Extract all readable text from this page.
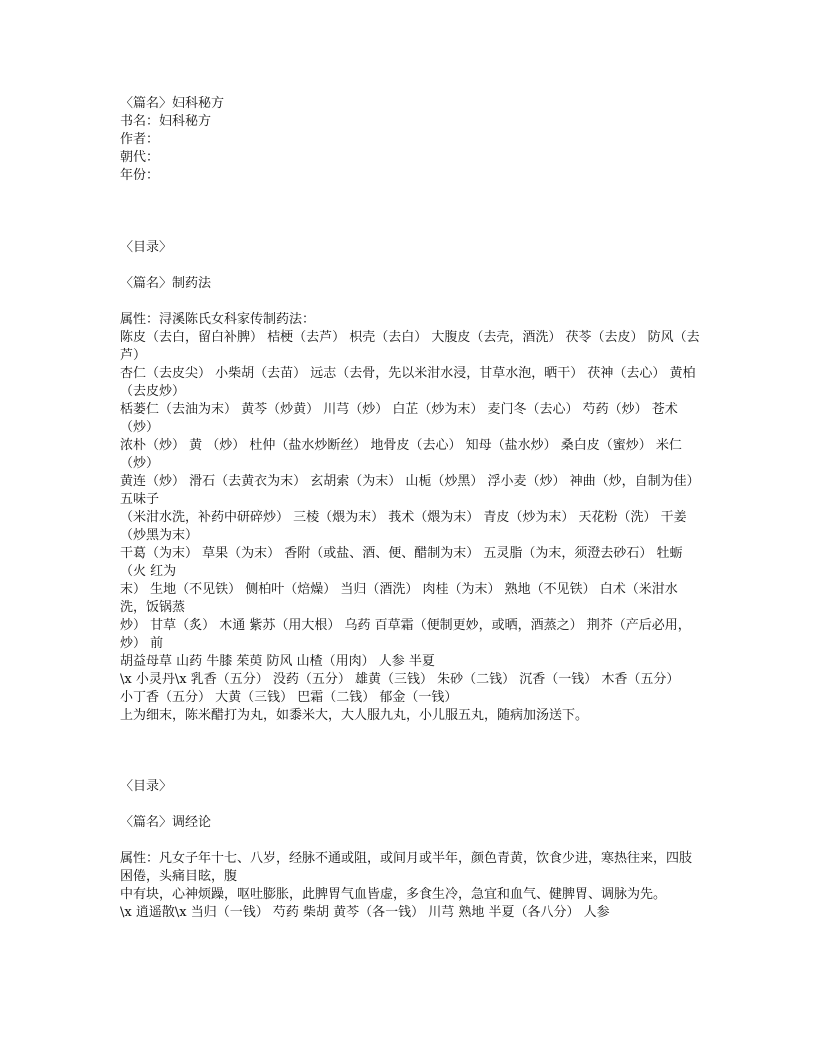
〈篇名〉妇科秘方
书名：妇科秘方
作者：
朝代：
年份：
〈目录〉
〈篇名〉制药法
属性：浔溪陈氏女科家传制药法：
陈皮（去白，留白补脾） 桔梗（去芦） 枳壳（去白） 大腹皮（去壳，酒洗） 茯苓（去皮） 防风（去芦）
杏仁（去皮尖） 小柴胡（去苗） 远志（去骨，先以米泔水浸，甘草水泡，晒干） 茯神（去心） 黄柏（去皮炒）
栝蒌仁（去油为末） 黄芩（炒黄） 川芎（炒） 白芷（炒为末） 麦门冬（去心） 芍药（炒） 苍术（炒）
浓朴（炒） 黄 （炒） 杜仲（盐水炒断丝） 地骨皮（去心） 知母（盐水炒） 桑白皮（蜜炒） 米仁（炒）
黄连（炒） 滑石（去黄衣为末） 玄胡索（为末） 山栀（炒黑） 浮小麦（炒） 神曲（炒，自制为佳） 五味子
（米泔水洗，补药中研碎炒） 三棱（煨为末） 莪术（煨为末） 青皮（炒为末） 天花粉（洗） 干姜（炒黑为末）
干葛（为末） 草果（为末） 香附（或盐、酒、便、醋制为末） 五灵脂（为末，须澄去砂石） 牡蛎（火 红为
末） 生地（不见铁） 侧柏叶（焙燥） 当归（酒洗） 肉桂（为末） 熟地（不见铁） 白术（米泔水洗，饭锅蒸
炒） 甘草（炙） 木通 紫苏（用大根） 乌药 百草霜（便制更妙，或晒，酒蒸之） 荆芥（产后必用，炒） 前
胡益母草 山药 牛膝 茱萸 防风 山楂（用肉） 人参 半夏
\x 小灵丹\x 乳香（五分） 没药（五分） 雄黄（三钱） 朱砂（二钱） 沉香（一钱） 木香（五分）
小丁香（五分） 大黄（三钱） 巴霜（二钱） 郁金（一钱）
上为细末，陈米醋打为丸，如黍米大，大人服九丸，小儿服五丸，随病加汤送下。
〈目录〉
〈篇名〉调经论
属性：凡女子年十七、八岁，经脉不通或阻，或间月或半年，颜色青黄，饮食少进，寒热往来，四肢困倦，头痛目眩，腹
中有块，心神烦躁，呕吐膨胀，此脾胃气血皆虚，多食生冷，急宜和血气、健脾胃、调脉为先。
\x 逍遥散\x 当归（一钱） 芍药 柴胡 黄芩（各一钱） 川芎 熟地 半夏（各八分） 人参
